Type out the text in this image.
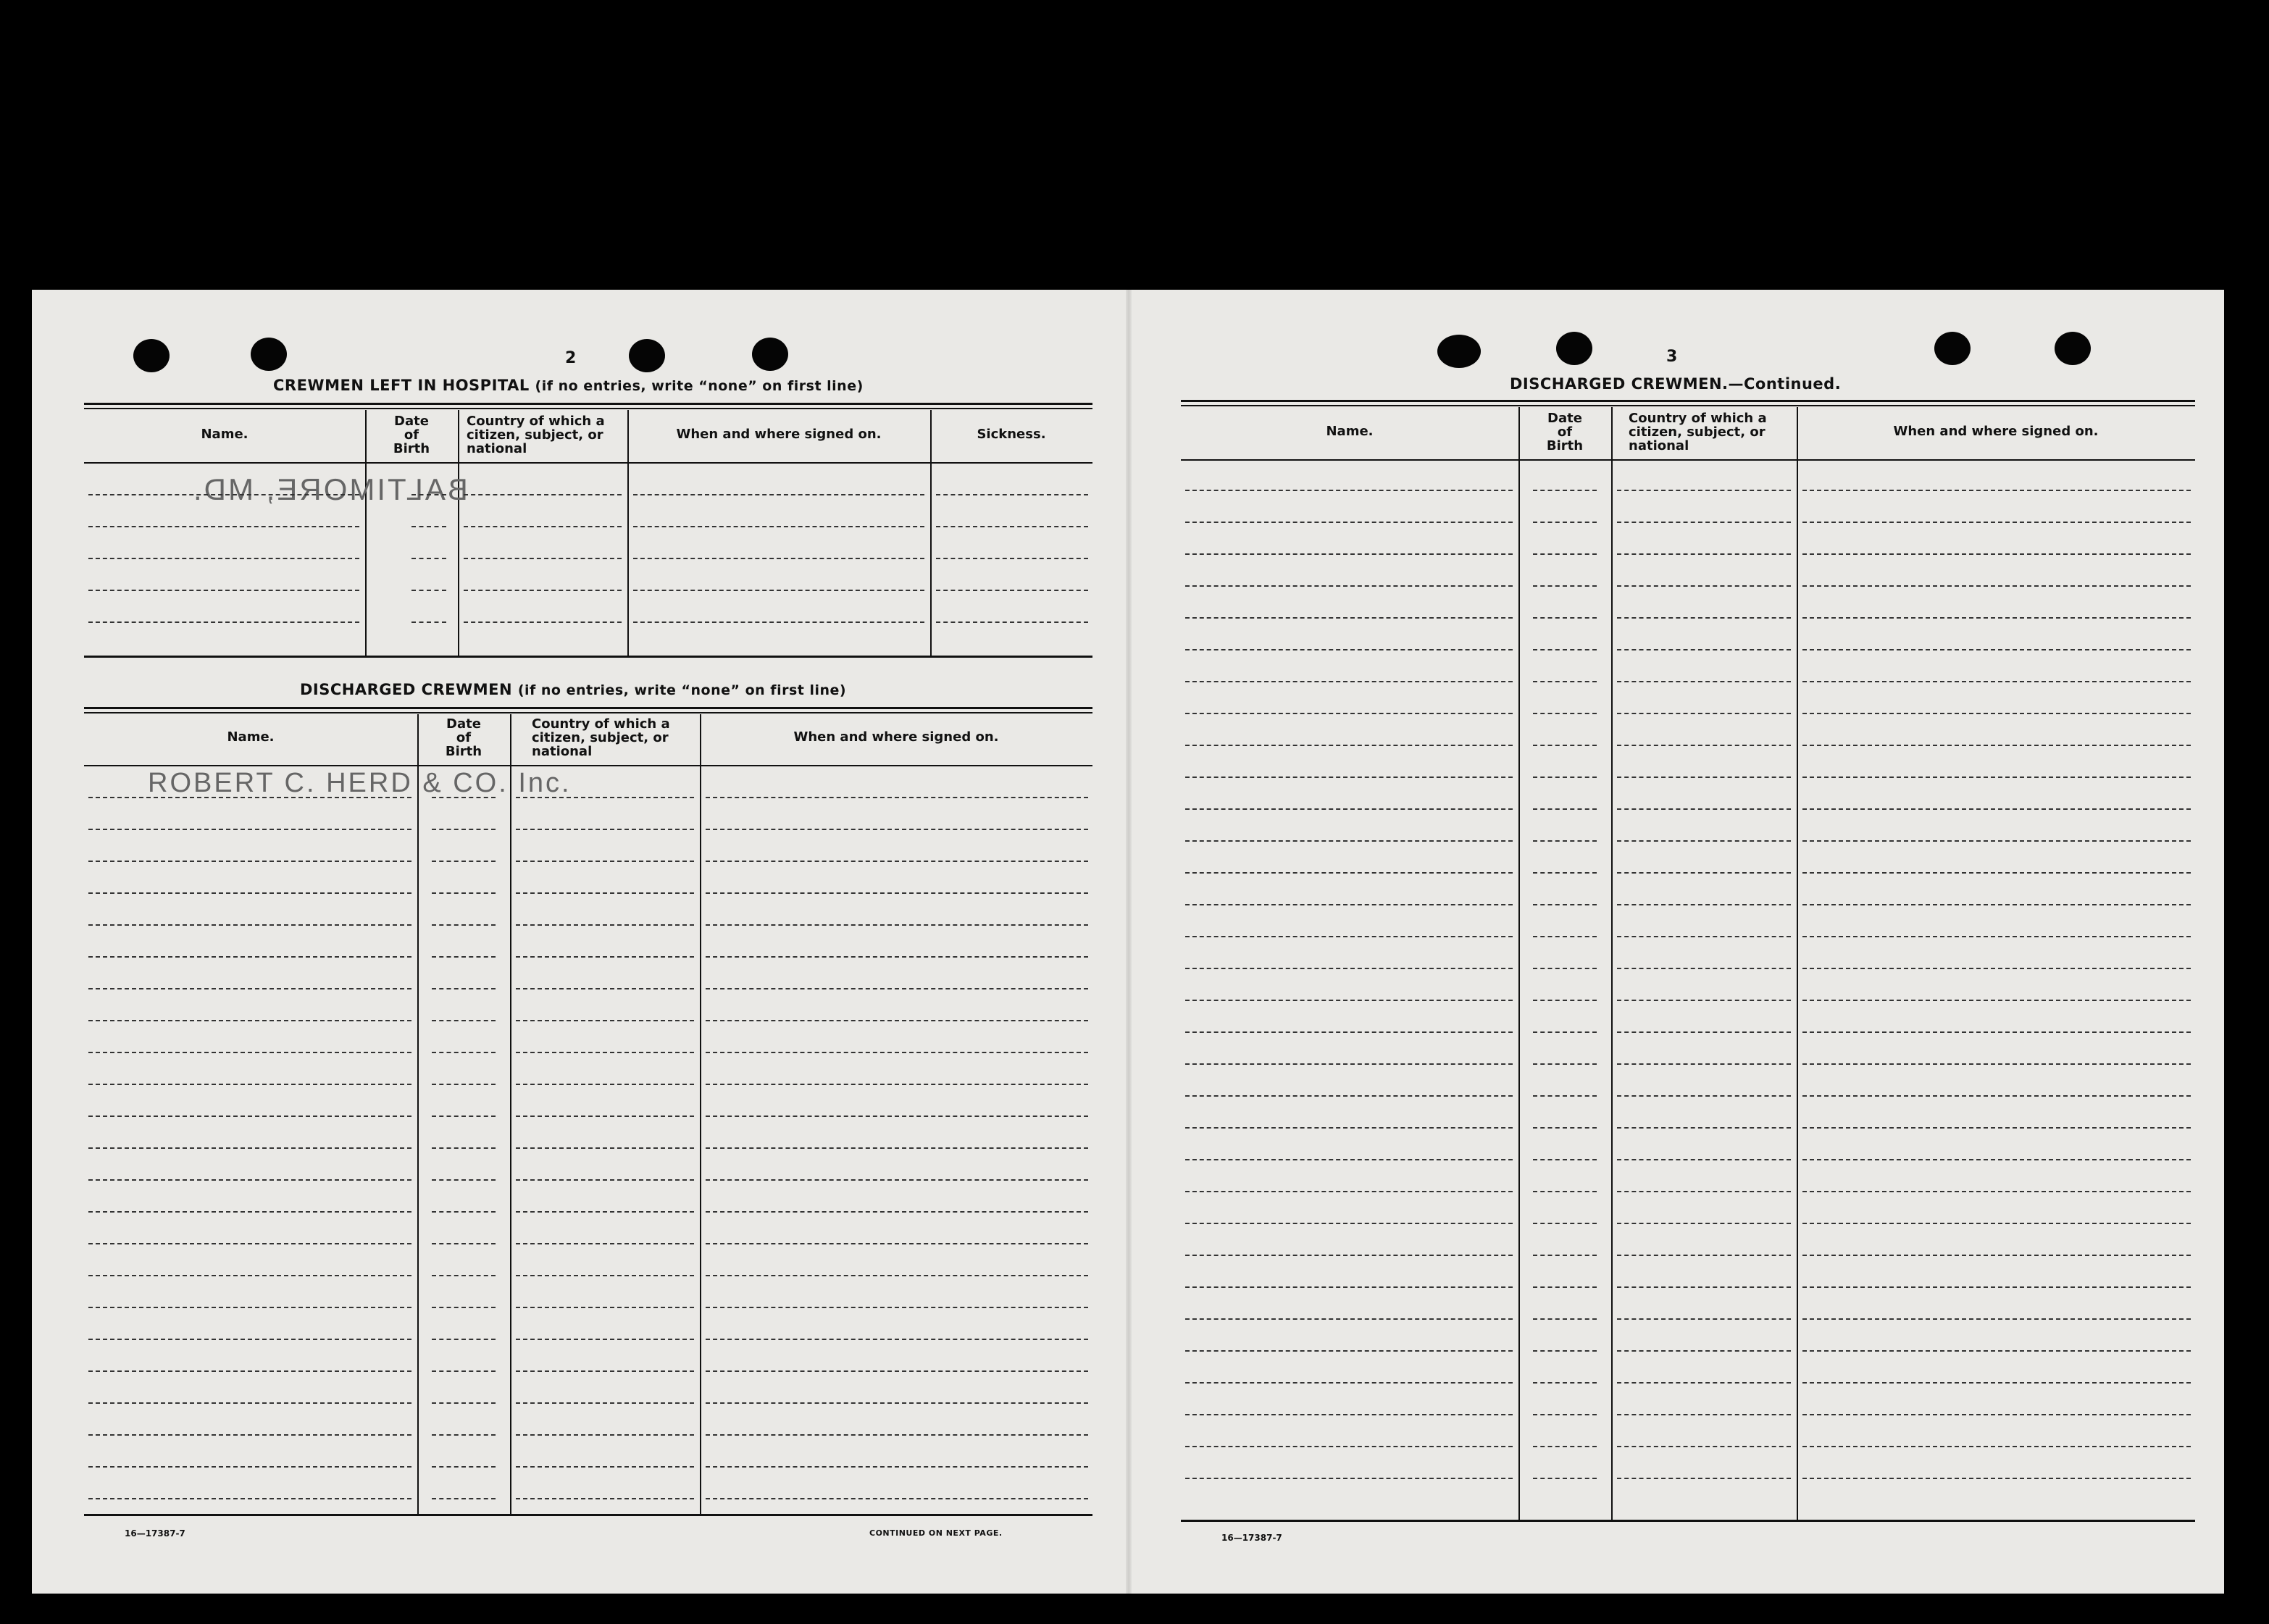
2
CREWMEN LEFT IN HOSPITAL (if no entries, write “none” on first line)
Name.
Date
of
Birth
Country of which a
citizen, subject, or
national
When and where signed on.	Sickness.
BALTIMORE, MD.
DISCHARGED CREWMEN (if no entries, write “none” on first line)
Name.
Date
of
Birth
Country of which a
citizen, subject, or
national
When and where signed on.
ROBERT C. HERD & CO. Inc.
16—17387-7	CONTINUED ON NEXT PAGE.
3
DISCHARGED CREWMEN.—Continued.
Name.
Date
of
Birth
Country of which a
citizen, subject, or
national
When and where signed on.
16—17387-7
